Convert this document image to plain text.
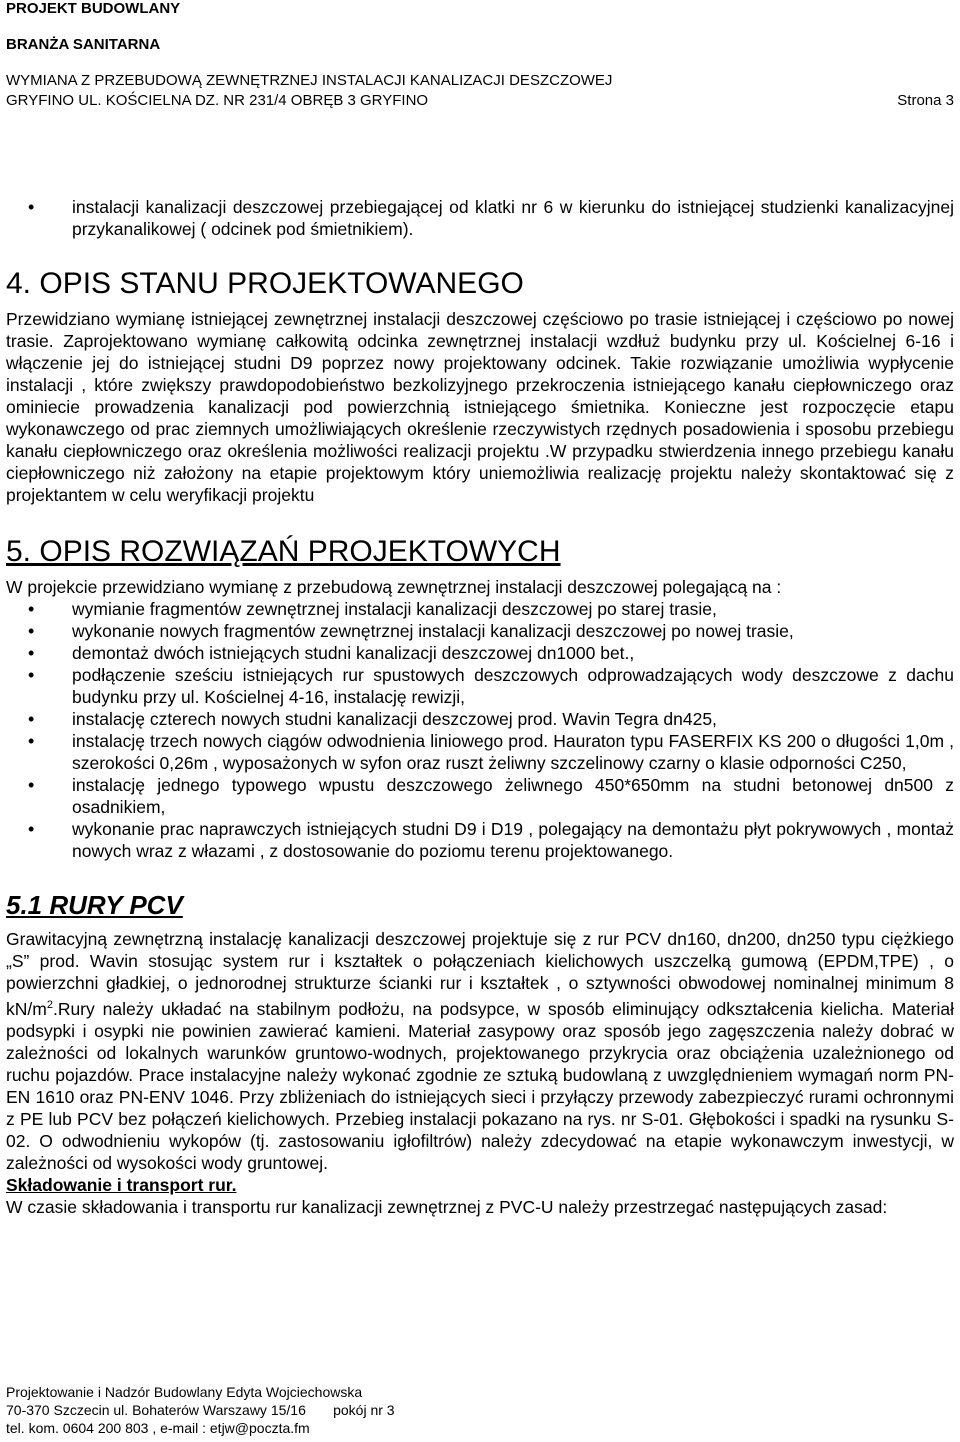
PROJEKT BUDOWLANY
BRANŻA SANITARNA
WYMIANA Z PRZEBUDOWĄ ZEWNĘTRZNEJ INSTALACJI KANALIZACJI DESZCZOWEJ
GRYFINO UL. KOŚCIELNA DZ. NR 231/4 OBRĘB 3 GRYFINO	Strona 3
• instalacji kanalizacji deszczowej przebiegającej od klatki nr 6 w kierunku do istniejącej studzienki kanalizacyjnej przykanalikowej ( odcinek pod śmietnikiem).
4. OPIS STANU PROJEKTOWANEGO

Przewidziano wymianę istniejącej zewnętrznej instalacji deszczowej częściowo po trasie istniejącej i częściowo po nowej trasie. Zaprojektowano wymianę całkowitą odcinka zewnętrznej instalacji wzdłuż budynku przy ul. Kościelnej 6-16 i włączenie jej do istniejącej studni D9 poprzez nowy projektowany odcinek. Takie rozwiązanie umożliwia wypłycenie instalacji , które zwiększy prawdopodobieństwo bezkolizyjnego przekroczenia istniejącego kanału ciepłowniczego oraz ominiecie prowadzenia kanalizacji pod powierzchnią istniejącego śmietnika. Konieczne jest rozpoczęcie etapu wykonawczego od prac ziemnych umożliwiających określenie rzeczywistych rzędnych posadowienia i sposobu przebiegu kanału ciepłowniczego oraz określenia możliwości realizacji projektu .W przypadku stwierdzenia innego przebiegu kanału ciepłowniczego niż założony na etapie projektowym który uniemożliwia realizację projektu należy skontaktować się z projektantem w celu weryfikacji projektu

5. OPIS ROZWIĄZAŃ PROJEKTOWYCH

W projekcie przewidziano wymianę z przebudową zewnętrznej instalacji deszczowej polegającą na :

• wymianie fragmentów zewnętrznej instalacji kanalizacji deszczowej po starej trasie,
• wykonanie nowych fragmentów zewnętrznej instalacji kanalizacji deszczowej po nowej trasie,
• demontaż dwóch istniejących studni kanalizacji deszczowej dn1000 bet.,
• podłączenie sześciu istniejących rur spustowych deszczowych odprowadzających wody deszczowe z dachu budynku przy ul. Kościelnej 4-16, instalację rewizji,
• instalację czterech nowych studni kanalizacji deszczowej prod. Wavin Tegra dn425,
• instalację trzech nowych ciągów odwodnienia liniowego prod. Hauraton typu FASERFIX KS 200 o długości 1,0m , szerokości 0,26m , wyposażonych w syfon oraz ruszt żeliwny szczelinowy czarny o klasie odporności C250,
• instalację jednego typowego wpustu deszczowego żeliwnego 450*650mm na studni betonowej dn500 z osadnikiem,
• wykonanie prac naprawczych istniejących studni D9 i D19 , polegający na demontażu płyt pokrywowych , montaż nowych wraz z włazami , z dostosowanie do poziomu terenu projektowanego.
5.1 RURY PCV

Grawitacyjną zewnętrzną instalację kanalizacji deszczowej projektuje się z rur PCV dn160, dn200, dn250 typu ciężkiego „S” prod. Wavin stosując system rur i kształtek o połączeniach kielichowych uszczelką gumową (EPDM,TPE) , o powierzchni gładkiej, o jednorodnej strukturze ścianki rur i kształtek , o sztywności obwodowej nominalnej minimum 8 $kN/m^2.Rury$ należy układać na stabilnym podłożu, na podsypce, w sposób eliminujący odkształcenia kielicha. Materiał podsypki i osypki nie powinien zawierać kamieni. Materiał zasypowy oraz sposób jego zagęszczenia należy dobrać w zależności od lokalnych warunków gruntowo-wodnych, projektowanego przykrycia oraz obciążenia uzależnionego od ruchu pojazdów. Prace instalacyjne należy wykonać zgodnie ze sztuką budowlaną z uwzględnieniem wymagań norm PN-EN 1610 oraz PN-ENV 1046. Przy zbliżeniach do istniejących sieci i przyłączy przewody zabezpieczyć rurami ochronnymi z PE lub PCV bez połączeń kielichowych. Przebieg instalacji pokazano na rys. nr S-01. Głębokości i spadki na rysunku S-02. O odwodnieniu wykopów (tj. zastosowaniu igłofiltrów) należy zdecydować na etapie wykonawczym inwestycji, w zależności od wysokości wody gruntowej.

Składowanie i transport rur.

W czasie składowania i transportu rur kanalizacji zewnętrznej z PVC-U należy przestrzegać następujących zasad:

Projektowanie i Nadzór Budowlany Edyta Wojciechowska
70-370 Szczecin ul. Bohaterów Warszawy 15/16       pokój nr 3
tel. kom. 0604 200 803 , e-mail : etjw@poczta.fm
